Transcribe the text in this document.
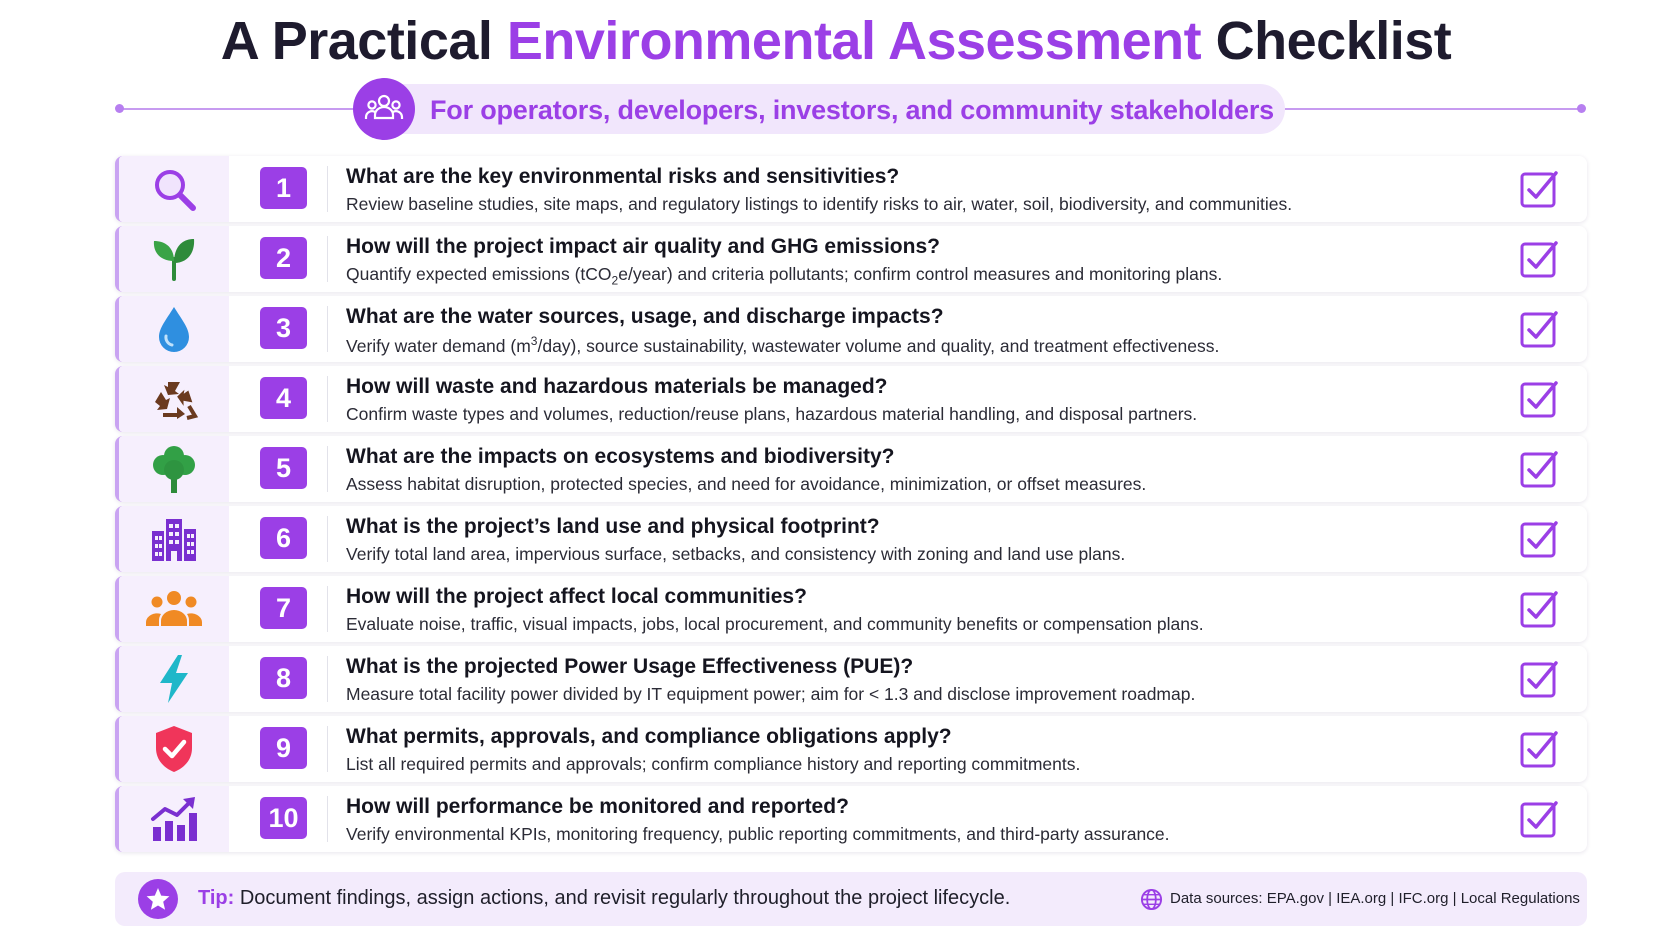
A Practical Environmental Assessment Checklist
For operators, developers, investors, and community stakeholders
1	What are the key environmental risks and sensitivities?
Review baseline studies, site maps, and regulatory listings to identify risks to air, water, soil, biodiversity, and communities.
2	How will the project impact air quality and GHG emissions?
Quantify expected emissions (tCO$_2$e/year) and criteria pollutants; confirm control measures and monitoring plans.
3	What are the water sources, usage, and discharge impacts?
Verify water demand $(m^3/day)$, source sustainability, wastewater volume and quality, and treatment effectiveness.
4	How will waste and hazardous materials be managed?
Confirm waste types and volumes, reduction/reuse plans, hazardous material handling, and disposal partners.
5	What are the impacts on ecosystems and biodiversity?
Assess habitat disruption, protected species, and need for avoidance, minimization, or offset measures.
6	What is the project’s land use and physical footprint?
Verify total land area, impervious surface, setbacks, and consistency with zoning and land use plans.
7	How will the project affect local communities?
Evaluate noise, traffic, visual impacts, jobs, local procurement, and community benefits or compensation plans.
8	What is the projected Power Usage Effectiveness (PUE)?
Measure total facility power divided by IT equipment power; aim for < 1.3 and disclose improvement roadmap.
9	What permits, approvals, and compliance obligations apply?
List all required permits and approvals; confirm compliance history and reporting commitments.
10	How will performance be monitored and reported?
Verify environmental KPIs, monitoring frequency, public reporting commitments, and third-party assurance.
Tip: Document findings, assign actions, and revisit regularly throughout the project lifecycle.	Data sources: EPA.gov | IEA.org | IFC.org | Local Regulations
